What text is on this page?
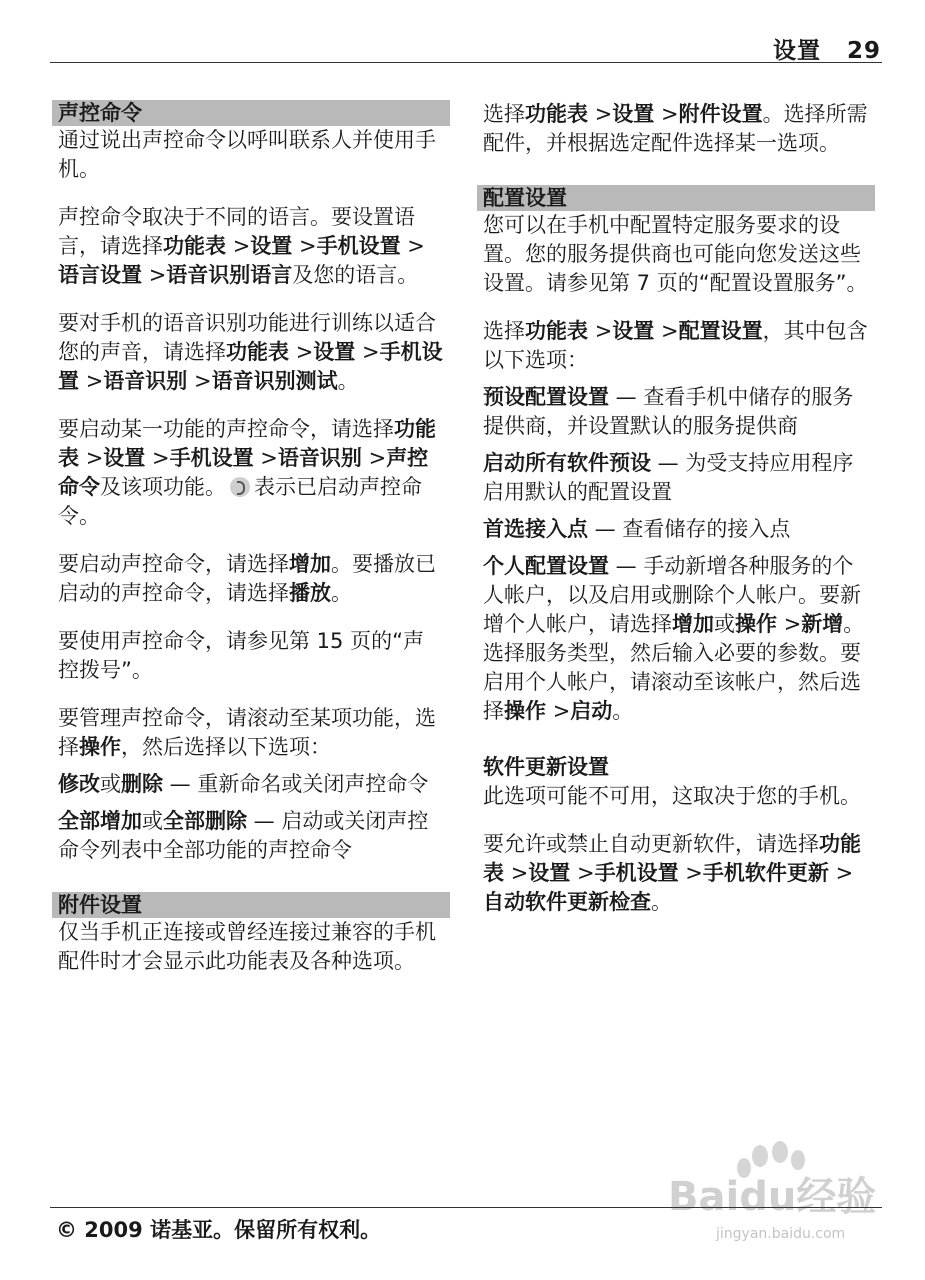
设置 29
声控命令

通过说出声控命令以呼叫联系人并使用手机。

声控命令取决于不同的语言。要设置语言，请选择功能表 >设置 >手机设置 >语言设置 >语音识别语言及您的语言。

要对手机的语音识别功能进行训练以适合您的声音，请选择功能表 >设置 >手机设置 >语音识别 >语音识别测试。

要启动某一功能的声控命令，请选择功能表 >设置 >手机设置 >语音识别 >声控命令及该项功能。 表示已启动声控命令。

要启动声控命令，请选择增加。要播放已启动的声控命令，请选择播放。

要使用声控命令，请参见第 15 页的“声控拨号”。

要管理声控命令，请滚动至某项功能，选择操作，然后选择以下选项：

修改或删除 — 重新命名或关闭声控命令

全部增加或全部删除 — 启动或关闭声控命令列表中全部功能的声控命令

附件设置

仅当手机正连接或曾经连接过兼容的手机配件时才会显示此功能表及各种选项。

选择功能表 >设置 >附件设置。选择所需配件，并根据选定配件选择某一选项。

配置设置

您可以在手机中配置特定服务要求的设置。您的服务提供商也可能向您发送这些设置。请参见第 7 页的“配置设置服务”。

选择功能表 >设置 >配置设置，其中包含以下选项：

预设配置设置 — 查看手机中储存的服务提供商，并设置默认的服务提供商

启动所有软件预设 — 为受支持应用程序启用默认的配置设置

首选接入点 — 查看储存的接入点

个人配置设置 — 手动新增各种服务的个人帐户，以及启用或删除个人帐户。要新增个人帐户，请选择增加或操作 >新增。选择服务类型，然后输入必要的参数。要启用个人帐户，请滚动至该帐户，然后选择操作 >启动。

软件更新设置

此选项可能不可用，这取决于您的手机。

要允许或禁止自动更新软件，请选择功能表 >设置 >手机设置 >手机软件更新 >自动软件更新检查。

Baidu经验
jingyan.baidu.com
© 2009 诺基亚。保留所有权利。
